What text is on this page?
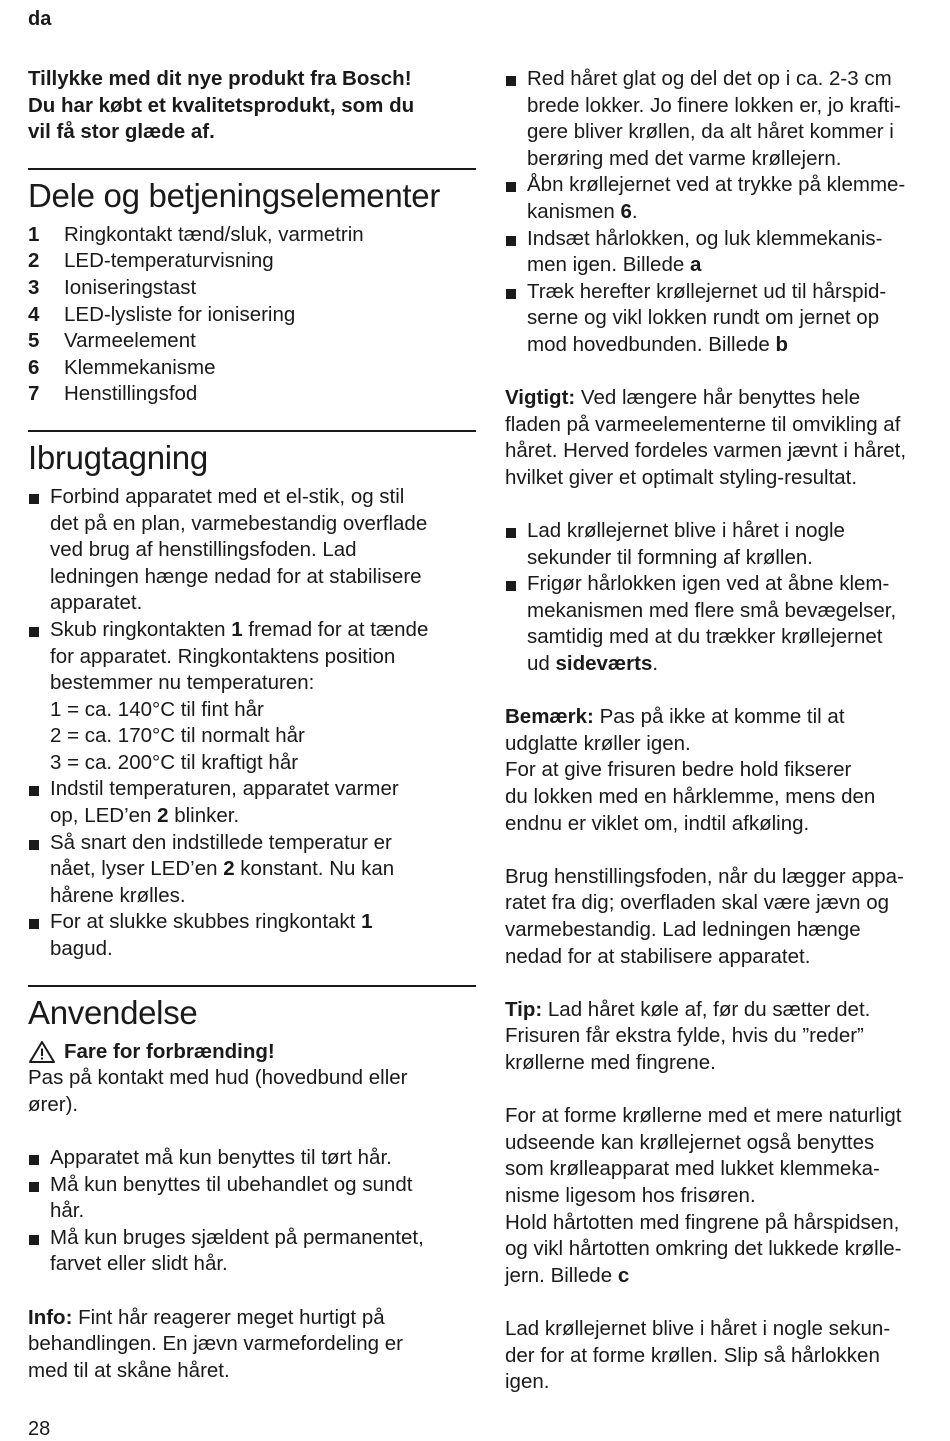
da

Tillykke med dit nye produkt fra Bosch!
Du har købt et kvalitetsprodukt, som du
vil få stor glæde af.

Dele og betjeningselementer
1	Ringkontakt tænd/sluk, varmetrin
2	LED-temperaturvisning
3	Ioniseringstast
4	LED-lysliste for ionisering
5	Varmeelement
6	Klemmekanisme
7	Henstillingsfod
Ibrugtagning
Forbind apparatet med et el-stik, og stil
det på en plan, varmebestandig overflade
ved brug af henstillingsfoden. Lad
ledningen hænge nedad for at stabilisere
apparatet.
Skub ringkontakten 1 fremad for at tænde
for apparatet. Ringkontaktens position
bestemmer nu temperaturen:
1 = ca. 140°C til fint hår
2 = ca. 170°C til normalt hår
3 = ca. 200°C til kraftigt hår
Indstil temperaturen, apparatet varmer
op, LED’en 2 blinker.
Så snart den indstillede temperatur er
nået, lyser LED’en 2 konstant. Nu kan
hårene krølles.
For at slukke skubbes ringkontakt 1
bagud.
Anvendelse
Fare for forbrænding!

Pas på kontakt med hud (hovedbund eller
ører).

Apparatet må kun benyttes til tørt hår.
Må kun benyttes til ubehandlet og sundt
hår.
Må kun bruges sjældent på permanentet,
farvet eller slidt hår.

Info: Fint hår reagerer meget hurtigt på
behandlingen. En jævn varmefordeling er
med til at skåne håret.

Red håret glat og del det op i ca. 2-3 cm
brede lokker. Jo finere lokken er, jo krafti-
gere bliver krøllen, da alt håret kommer i
berøring med det varme krøllejern.
Åbn krøllejernet ved at trykke på klemme-
kanismen 6.
Indsæt hårlokken, og luk klemmekanis-
men igen. Billede a
Træk herefter krøllejernet ud til hårspid-
serne og vikl lokken rundt om jernet op
mod hovedbunden. Billede b

Vigtigt: Ved længere hår benyttes hele
fladen på varmeelementerne til omvikling af
håret. Herved fordeles varmen jævnt i håret,
hvilket giver et optimalt styling-resultat.

Lad krøllejernet blive i håret i nogle
sekunder til formning af krøllen.
Frigør hårlokken igen ved at åbne klem-
mekanismen med flere små bevægelser,
samtidig med at du trækker krøllejernet
ud sideværts.

Bemærk: Pas på ikke at komme til at
udglatte krøller igen.
For at give frisuren bedre hold fikserer
du lokken med en hårklemme, mens den
endnu er viklet om, indtil afkøling.

Brug henstillingsfoden, når du lægger appa-
ratet fra dig; overfladen skal være jævn og
varmebestandig. Lad ledningen hænge
nedad for at stabilisere apparatet.

Tip: Lad håret køle af, før du sætter det.
Frisuren får ekstra fylde, hvis du ”reder”
krøllerne med fingrene.

For at forme krøllerne med et mere naturligt
udseende kan krøllejernet også benyttes
som krølleapparat med lukket klemmeka-
nisme ligesom hos frisøren.
Hold hårtotten med fingrene på hårspidsen,
og vikl hårtotten omkring det lukkede krølle-
jern. Billede c

Lad krøllejernet blive i håret i nogle sekun-
der for at forme krøllen. Slip så hårlokken
igen.

28
